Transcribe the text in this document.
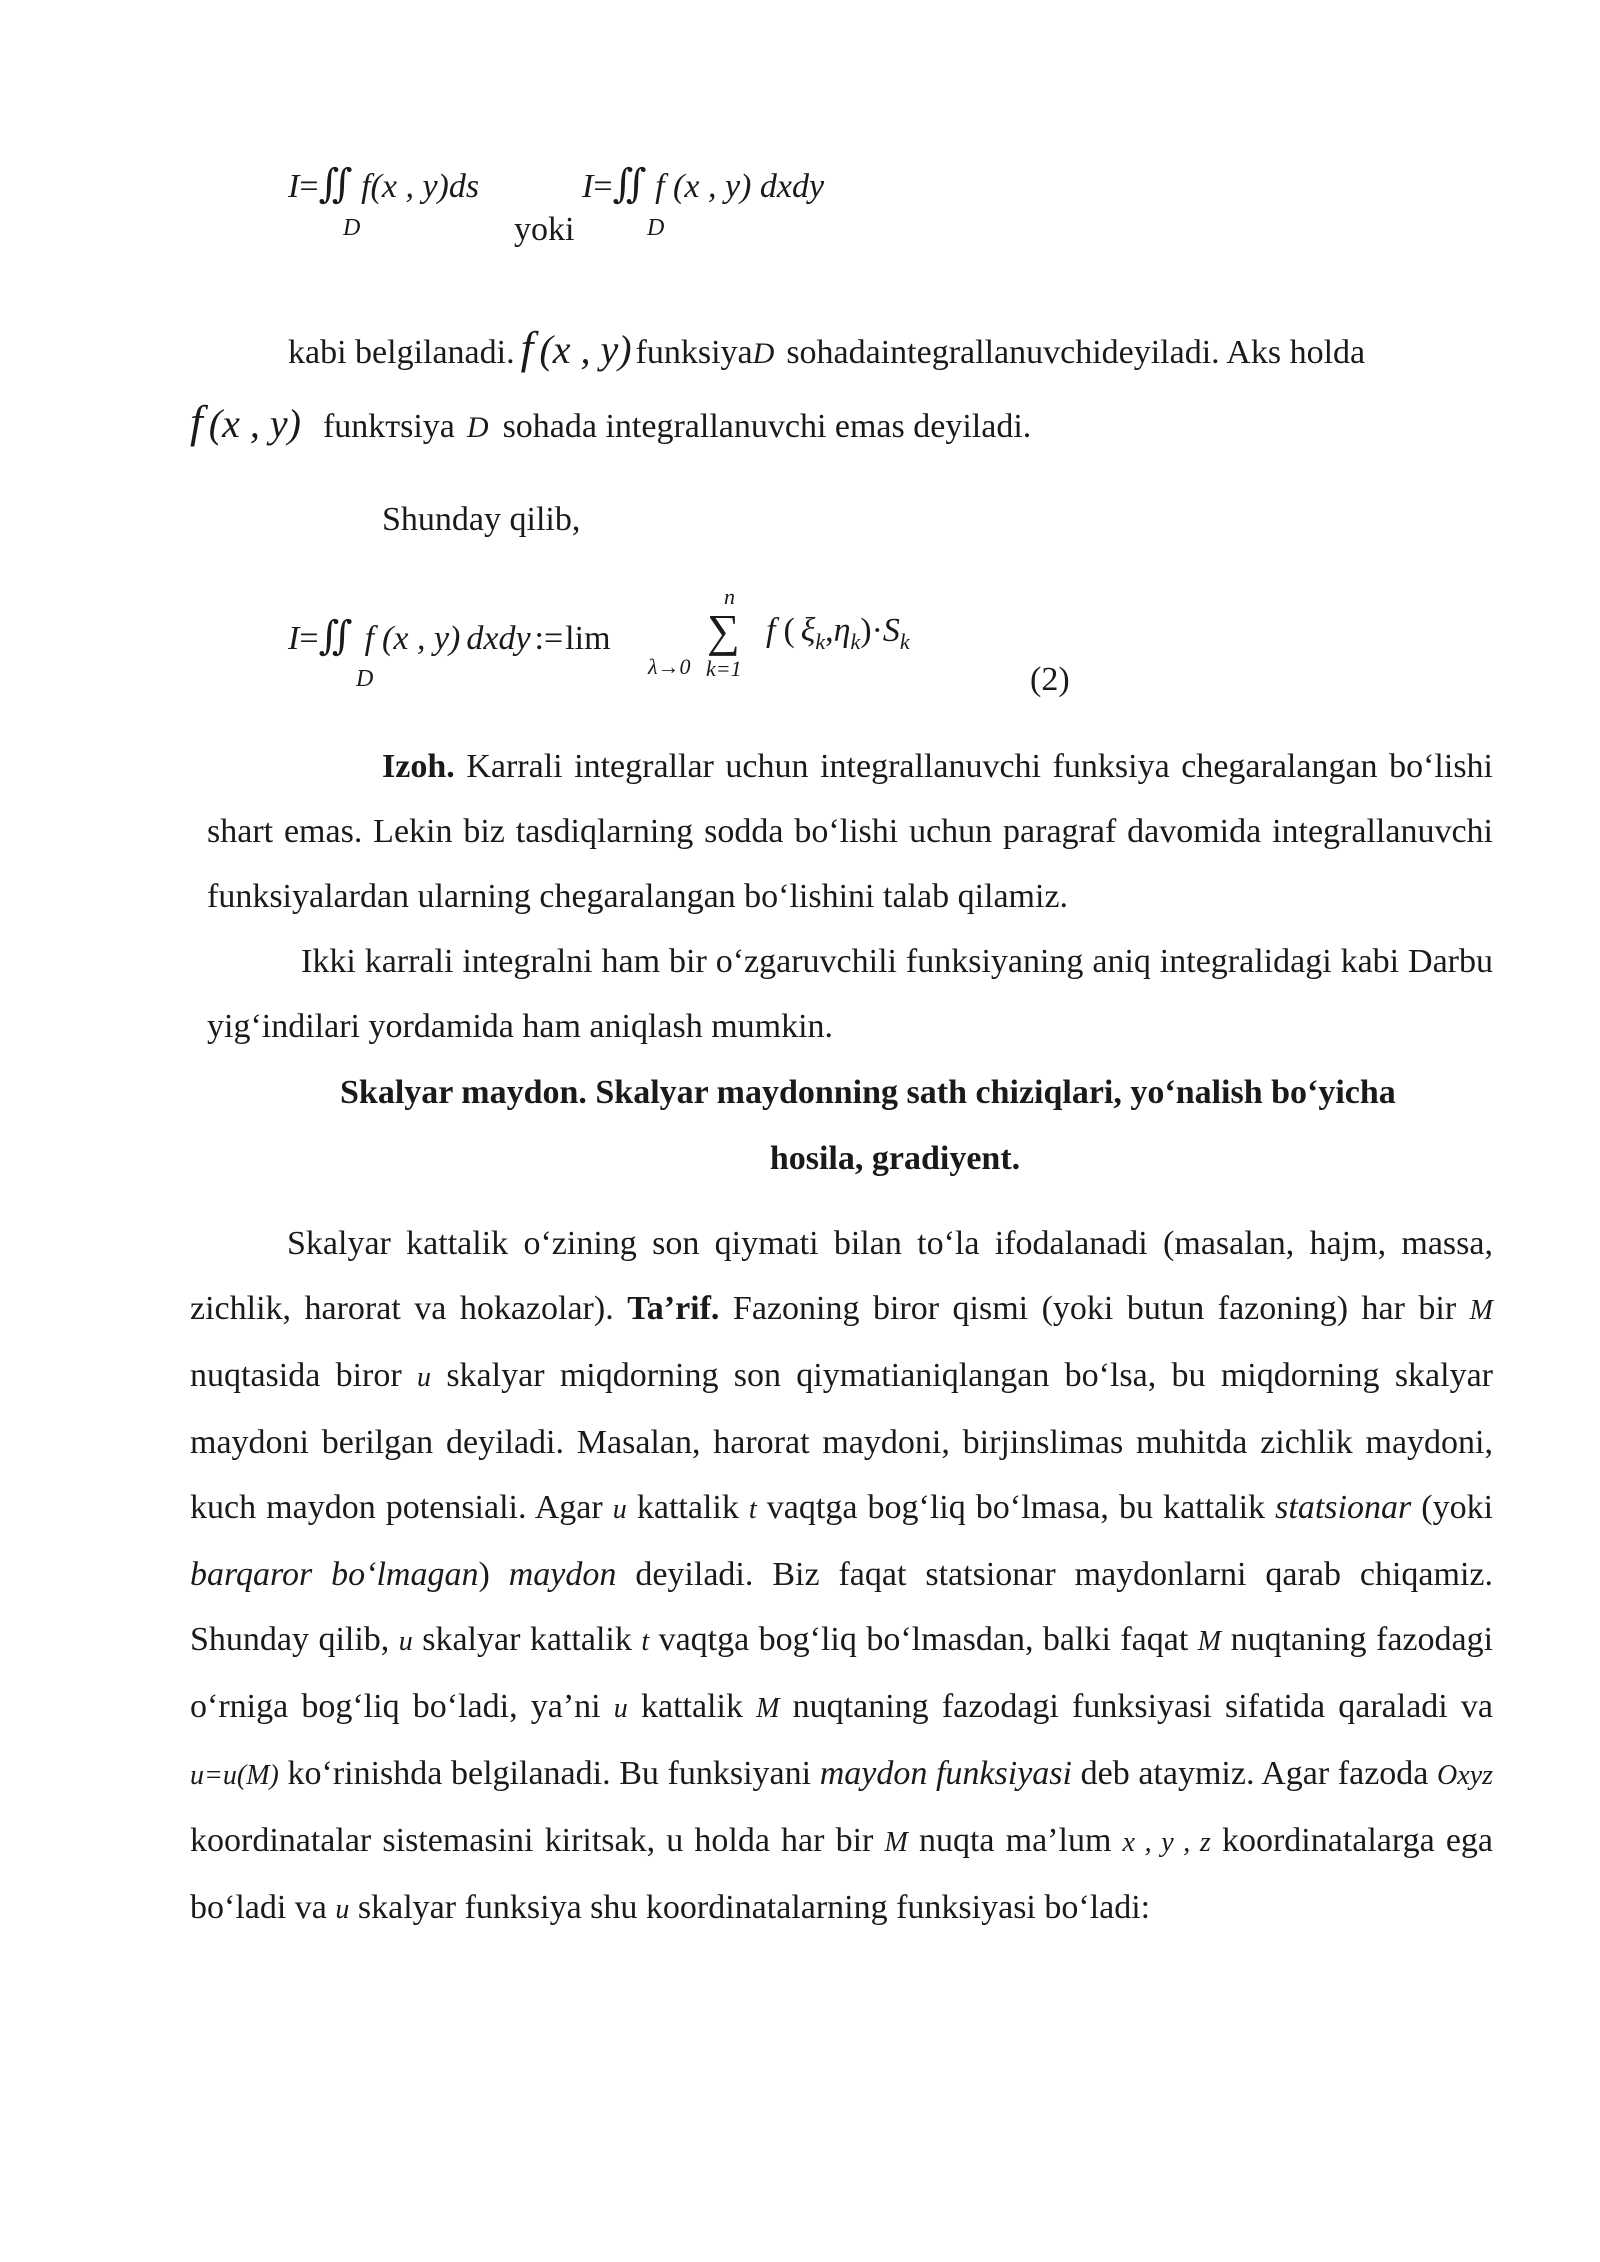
I=∬ f(x , y)ds
D	yoki
I=∬ f (x , y) dxdy
D
kabi belgilanadi. f (x , y) funksiya D sohadaintegrallanuvchideyiladi. Aks holda
f (x , y) funkтsiya D sohada integrallanuvchi emas deyiladi.
Shunday qilib,
I = ∬ f (x , y) dxdy := lim
D	λ→0
∑
n
k=1
f ( ξ k , η k )· S k
(2)
Izoh. Karrali integrallar uchun integrallanuvchi funksiya chegaralangan bo‘lishi shart emas. Lekin biz tasdiqlarning sodda bo‘lishi uchun paragraf davomida integrallanuvchi funksiyalardan ularning chegaralangan bo‘lishini talab qilamiz.
Ikki karrali integralni ham bir o‘zgaruvchili funksiyaning aniq integralidagi kabi Darbu yig‘indilari yordamida ham aniqlash mumkin.
Skalyar maydon. Skalyar maydonning sath chiziqlari, yo‘nalish bo‘yicha
hosila, gradiyent.
Skalyar kattalik o‘zining son qiymati bilan to‘la ifodalanadi (masalan, hajm, massa, zichlik, harorat va hokazolar). Ta’rif. Fazoning biror qismi (yoki butun fazoning) har bir M nuqtasida biror u skalyar miqdorning son qiymatianiqlangan bo‘lsa, bu miqdorning skalyar maydoni berilgan deyiladi. Masalan, harorat maydoni, birjinslimas muhitda zichlik maydoni, kuch maydon potensiali. Agar u kattalik t vaqtga bog‘liq bo‘lmasa, bu kattalik statsionar (yoki barqaror bo‘lmagan) maydon deyiladi. Biz faqat statsionar maydonlarni qarab chiqamiz. Shunday qilib, u skalyar kattalik t vaqtga bog‘liq bo‘lmasdan, balki faqat M nuqtaning fazodagi o‘rniga bog‘liq bo‘ladi, ya’ni u kattalik M nuqtaning fazodagi funksiyasi sifatida qaraladi va u=u(M) ko‘rinishda belgilanadi. Bu funksiyani maydon funksiyasi deb ataymiz. Agar fazoda Oxyz koordinatalar sistemasini kiritsak, u holda har bir M nuqta ma’lum x , y , z koordinatalarga ega bo‘ladi va u skalyar funksiya shu koordinatalarning funksiyasi bo‘ladi:
